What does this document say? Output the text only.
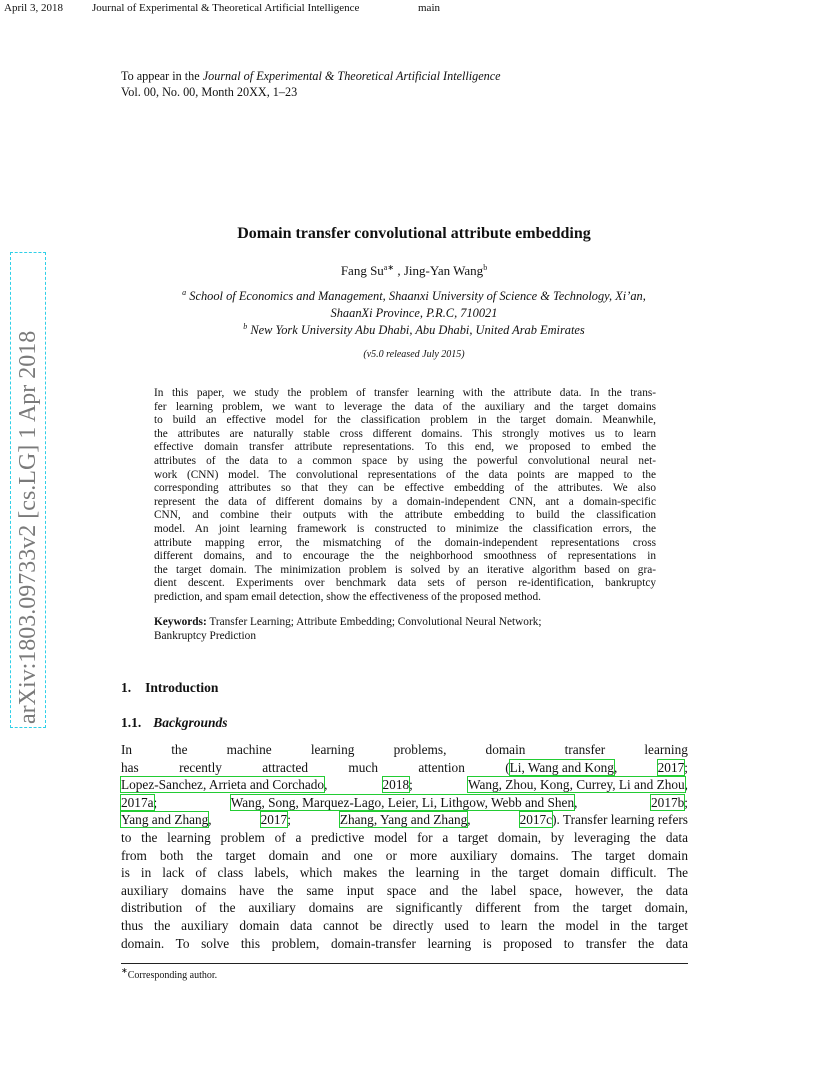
April 3, 2018	Journal of Experimental & Theoretical Artificial Intelligence	main
To appear in the Journal of Experimental & Theoretical Artificial Intelligence
Vol. 00, No. 00, Month 20XX, 1–23
arXiv:1803.09733v2 [cs.LG] 1 Apr 2018
Domain transfer convolutional attribute embedding
Fang $Su^{a∗}$ , Jing-Yan Wang$^b$
$^a$ School of Economics and Management, Shaanxi University of Science & Technology, Xi’an,
ShaanXi Province, P.R.C, 710021
$^b$ New York University Abu Dhabi, Abu Dhabi, United Arab Emirates
(v5.0 released July 2015)
In this paper, we study the problem of transfer learning with the attribute data. In the trans-
fer learning problem, we want to leverage the data of the auxiliary and the target domains
to build an effective model for the classification problem in the target domain. Meanwhile,
the attributes are naturally stable cross different domains. This strongly motives us to learn
effective domain transfer attribute representations. To this end, we proposed to embed the
attributes of the data to a common space by using the powerful convolutional neural net-
work (CNN) model. The convolutional representations of the data points are mapped to the
corresponding attributes so that they can be effective embedding of the attributes. We also
represent the data of different domains by a domain-independent CNN, ant a domain-specific
CNN, and combine their outputs with the attribute embedding to build the classification
model. An joint learning framework is constructed to minimize the classification errors, the
attribute mapping error, the mismatching of the domain-independent representations cross
different domains, and to encourage the the neighborhood smoothness of representations in
the target domain. The minimization problem is solved by an iterative algorithm based on gra-
dient descent. Experiments over benchmark data sets of person re-identification, bankruptcy
prediction, and spam email detection, show the effectiveness of the proposed method.
Keywords: Transfer Learning; Attribute Embedding; Convolutional Neural Network;
Bankruptcy Prediction
1. Introduction
1.1. Backgrounds
In	the	machine	learning	problems,	domain	transfer	learning
has	recently	attracted	much	attention	(Li, Wang and Kong,	2017;
Lopez-Sanchez, Arrieta and Corchado,	2018;	Wang, Zhou, Kong, Currey, Li and Zhou,
2017a;	Wang, Song, Marquez-Lago, Leier, Li, Lithgow, Webb and Shen,	2017b;
Yang and Zhang,	2017;	Zhang, Yang and Zhang,	2017c). Transfer learning refers
to the learning problem of a predictive model for a target domain, by leveraging the data
from both the target domain and one or more auxiliary domains. The target domain
is in lack of class labels, which makes the learning in the target domain difficult. The
auxiliary domains have the same input space and the label space, however, the data
distribution of the auxiliary domains are significantly different from the target domain,
thus the auxiliary domain data cannot be directly used to learn the model in the target
domain. To solve this problem, domain-transfer learning is proposed to transfer the data
∗Corresponding author.
